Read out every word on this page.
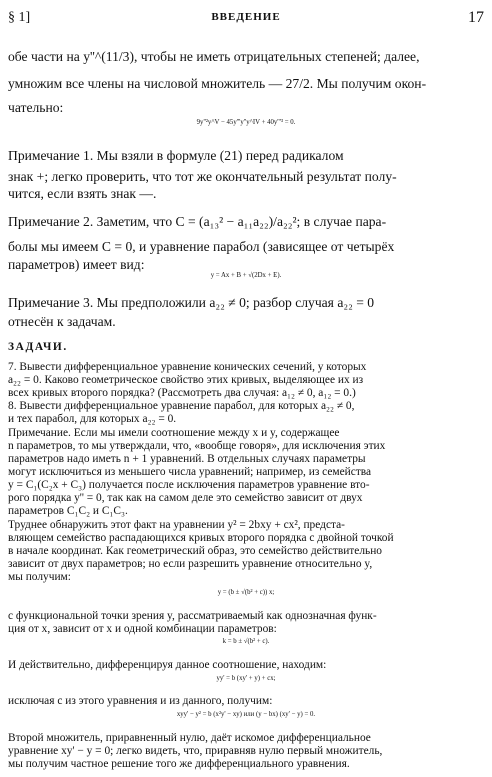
§ 1]	ВВЕДЕНИЕ	17
обе части на y''^(11/3), чтобы не иметь отрицательных степеней; далее,
умножим все члены на числовой множитель — 27/2. Мы получим окон-
чательно:
9y''²y^V − 45y'''y''y^IV + 40y'''³ = 0.
Примечание 1. Мы взяли в формуле (21) перед радикалом
знак +; легко проверить, что тот же окончательный результат полу-
чится, если взять знак —.
Примечание 2. Заметим, что C = (a₁₃² − a₁₁a₂₂)/a₂₂²; в случае пара-
болы мы имеем C = 0, и уравнение парабол (зависящее от четырёх
параметров) имеет вид:
y = Ax + B + √(2Dx + E).
Примечание 3. Мы предположили a₂₂ ≠ 0; разбор случая a₂₂ = 0
отнесён к задачам.
ЗАДАЧИ.
7. Вывести дифференциальное уравнение конических сечений, у которых
a₂₂ = 0. Каково геометрическое свойство этих кривых, выделяющее их из
всех кривых второго порядка? (Рассмотреть два случая: a₁₂ ≠ 0, a₁₂ = 0.)
8. Вывести дифференциальное уравнение парабол, для которых a₂₂ ≠ 0,
и тех парабол, для которых a₂₂ = 0.
Примечание. Если мы имели соотношение между x и y, содержащее
n параметров, то мы утверждали, что, «вообще говоря», для исключения этих
параметров надо иметь n + 1 уравнений. В отдельных случаях параметры
могут исключиться из меньшего числа уравнений; например, из семейства
y = C₁(C₂x + C₃) получается после исключения параметров уравнение вто-
рого порядка y'' = 0, так как на самом деле это семейство зависит от двух
параметров C₁C₂ и C₁C₃.
Труднее обнаружить этот факт на уравнении y² = 2bxy + cx², предста-
вляющем семейство распадающихся кривых второго порядка с двойной точкой
в начале координат. Как геометрический образ, это семейство действительно
зависит от двух параметров; но если разрешить уравнение относительно y,
мы получим:
y = (b ± √(b² + c)) x;
с функциональной точки зрения y, рассматриваемый как однозначная функ-
ция от x, зависит от x и одной комбинации параметров:
k = b ± √(b² + c).
И действительно, дифференцируя данное соотношение, находим:
yy' = b (xy' + y) + cx;
исключая c из этого уравнения и из данного, получим:
xyy' − y² = b (x²y' − xy) или (y − bx) (xy' − y) = 0.
Второй множитель, приравненный нулю, даёт искомое дифференциальное
уравнение xy' − y = 0; легко видеть, что, приравняв нулю первый множитель,
мы получим частное решение того же дифференциального уравнения.
